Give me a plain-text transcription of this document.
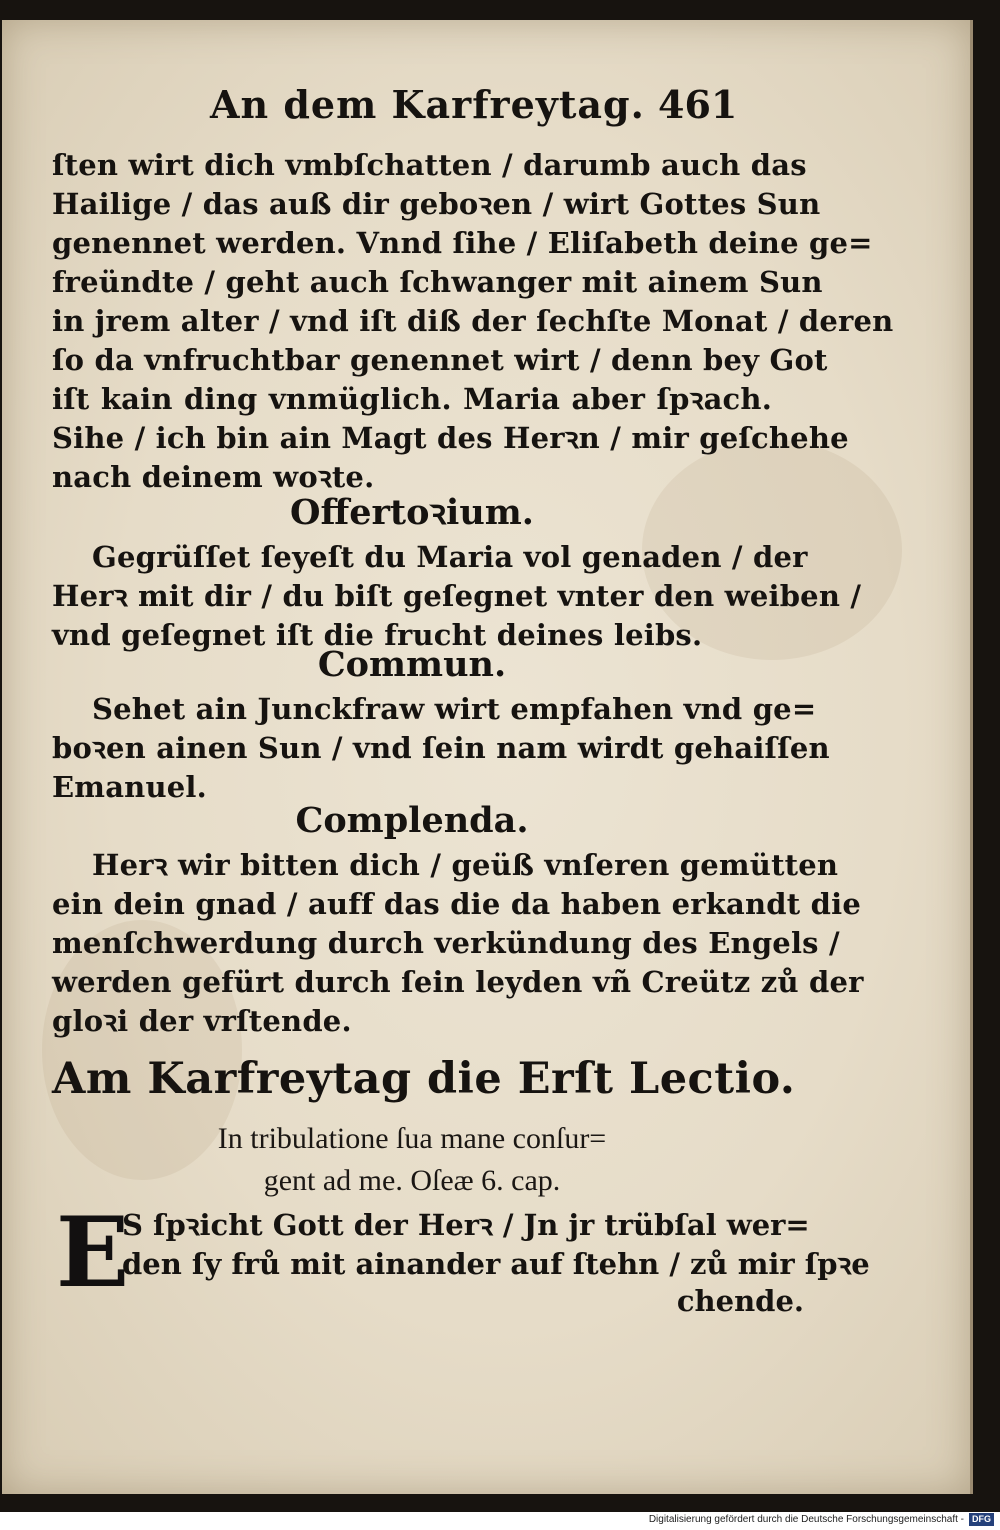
An dem Karfreytag. 461
ſten wirt dich vmbſchatten / darumb auch das
Hailige / das auß dir geboꝛen / wirt Gottes Sun
genennet werden. Vnnd ſihe / Eliſabeth deine ge=
freündte / geht auch ſchwanger mit ainem Sun
in jrem alter / vnd iſt diß der ſechſte Monat / deren
ſo da vnfruchtbar genennet wirt / denn bey Got
iſt kain ding vnmüglich. Maria aber ſpꝛach.
Sihe / ich bin ain Magt des Herꝛn / mir geſchehe
nach deinem woꝛte.
Offertoꝛium.
Gegrüſſet ſeyeſt du Maria vol genaden / der
Herꝛ mit dir / du biſt geſegnet vnter den weiben /
vnd geſegnet iſt die frucht deines leibs.
Commun.
Sehet ain Junckfraw wirt empfahen vnd ge=
boꝛen ainen Sun / vnd ſein nam wirdt gehaiſſen
Emanuel.
Complenda.
Herꝛ wir bitten dich / geüß vnſeren gemütten
ein dein gnad / auff das die da haben erkandt die
menſchwerdung durch verkündung des Engels /
werden gefürt durch ſein leyden vñ Creütz zů der
gloꝛi der vrſtende.
Am Karfreytag die Erſt Lectio.
In tribulatione ſua mane conſur=
gent ad me. Oſeæ 6. cap.
E
S ſpꝛicht Gott der Herꝛ / Jn jr trübſal wer=
den ſy frů mit ainander auf ſtehn / zů mir ſpꝛe
chende.
Digitalisierung gefördert durch die Deutsche Forschungsgemeinschaft - DFG
